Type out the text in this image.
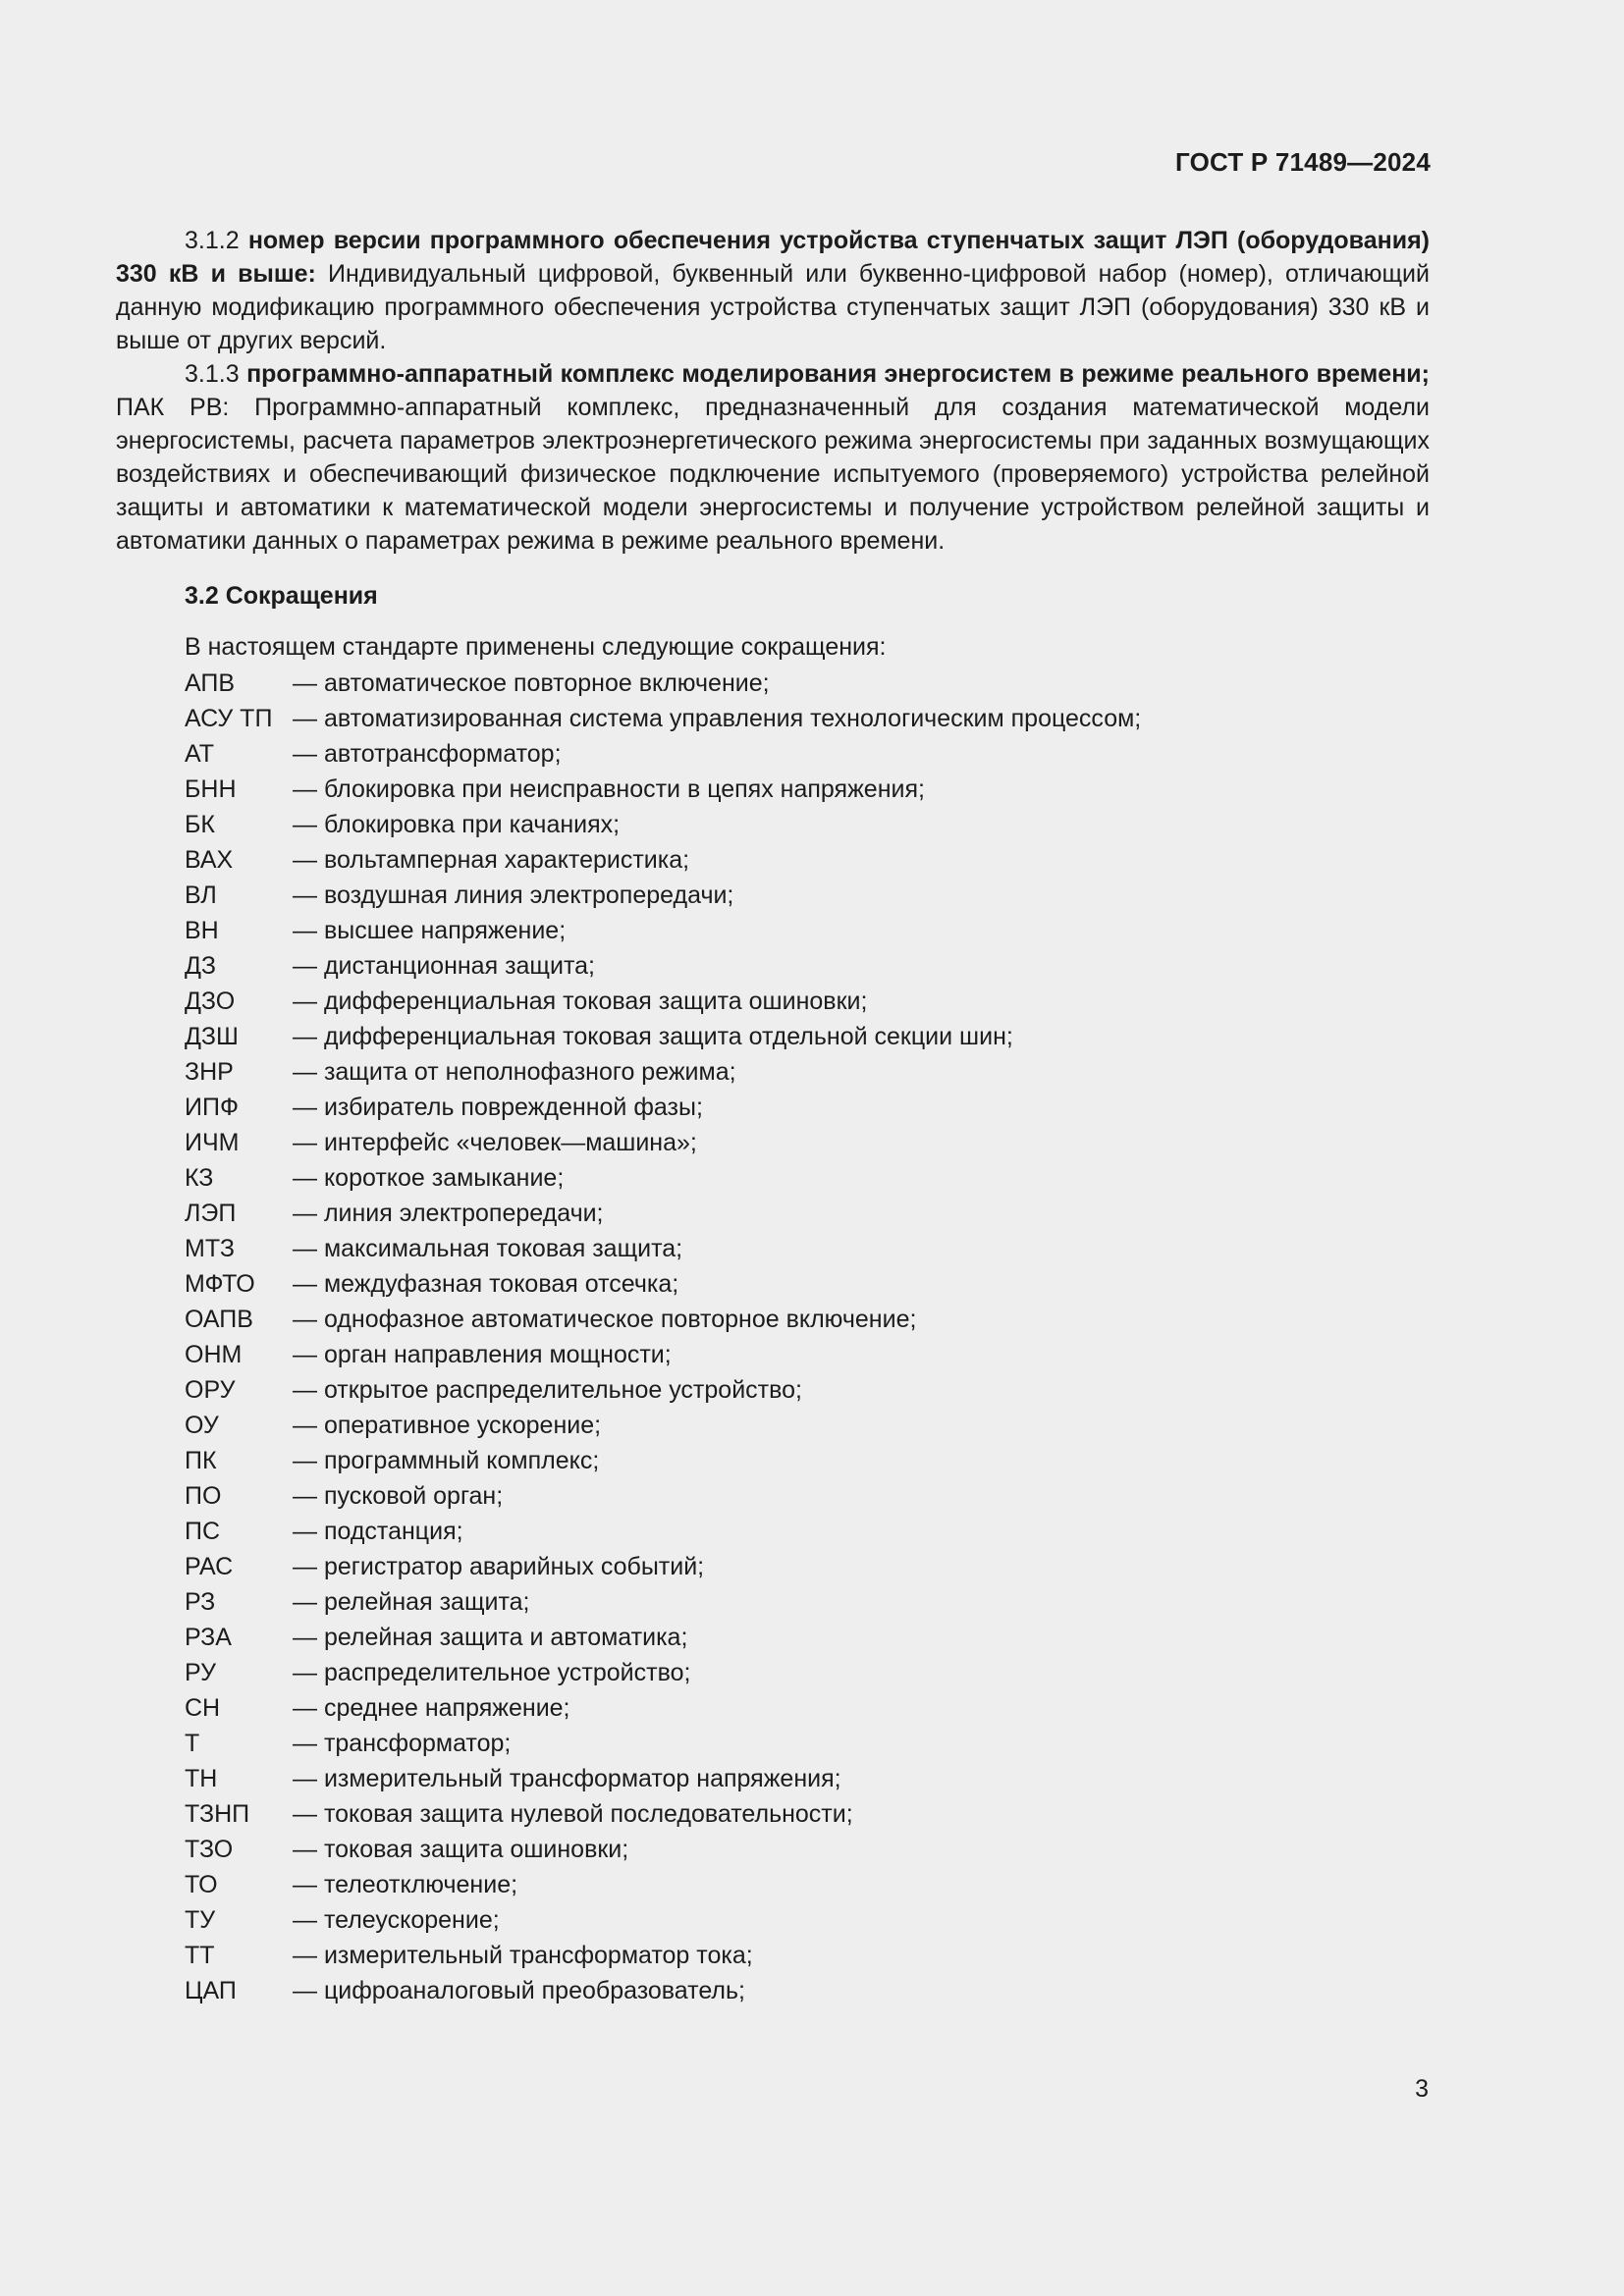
ГОСТ Р 71489—2024

3.1.2 номер версии программного обеспечения устройства ступенчатых защит ЛЭП (оборудования) 330 кВ и выше: Индивидуальный цифровой, буквенный или буквенно-цифровой набор (номер), отличающий данную модификацию программного обеспечения устройства ступенчатых защит ЛЭП (оборудования) 330 кВ и выше от других версий.

3.1.3 программно-аппаратный комплекс моделирования энергосистем в режиме реального времени; ПАК РВ: Программно-аппаратный комплекс, предназначенный для создания математической модели энергосистемы, расчета параметров электроэнергетического режима энергосистемы при заданных возмущающих воздействиях и обеспечивающий физическое подключение испытуемого (проверяемого) устройства релейной защиты и автоматики к математической модели энергосистемы и получение устройством релейной защиты и автоматики данных о параметрах режима в режиме реального времени.

3.2 Сокращения
В настоящем стандарте применены следующие сокращения:
АПВ	— автоматическое повторное включение;
АСУ ТП — автоматизированная система управления технологическим процессом;
АТ	— автотрансформатор;
БНН	— блокировка при неисправности в цепях напряжения;
БК	— блокировка при качаниях;
ВАХ	— вольтамперная характеристика;
ВЛ	— воздушная линия электропередачи;
ВН	— высшее напряжение;
ДЗ	— дистанционная защита;
ДЗО	— дифференциальная токовая защита ошиновки;
ДЗШ	— дифференциальная токовая защита отдельной секции шин;
ЗНР	— защита от неполнофазного режима;
ИПФ	— избиратель поврежденной фазы;
ИЧМ	— интерфейс «человек—машина»;
КЗ	— короткое замыкание;
ЛЭП	— линия электропередачи;
МТЗ	— максимальная токовая защита;
МФТО	— междуфазная токовая отсечка;
ОАПВ	— однофазное автоматическое повторное включение;
ОНМ	— орган направления мощности;
ОРУ	— открытое распределительное устройство;
ОУ	— оперативное ускорение;
ПК	— программный комплекс;
ПО	— пусковой орган;
ПС	— подстанция;
РАС	— регистратор аварийных событий;
РЗ	— релейная защита;
РЗА	— релейная защита и автоматика;
РУ	— распределительное устройство;
СН	— среднее напряжение;
Т	— трансформатор;
ТН	— измерительный трансформатор напряжения;
ТЗНП	— токовая защита нулевой последовательности;
ТЗО	— токовая защита ошиновки;
ТО	— телеотключение;
ТУ	— телеускорение;
ТТ	— измерительный трансформатор тока;
ЦАП	— цифроаналоговый преобразователь;
3
